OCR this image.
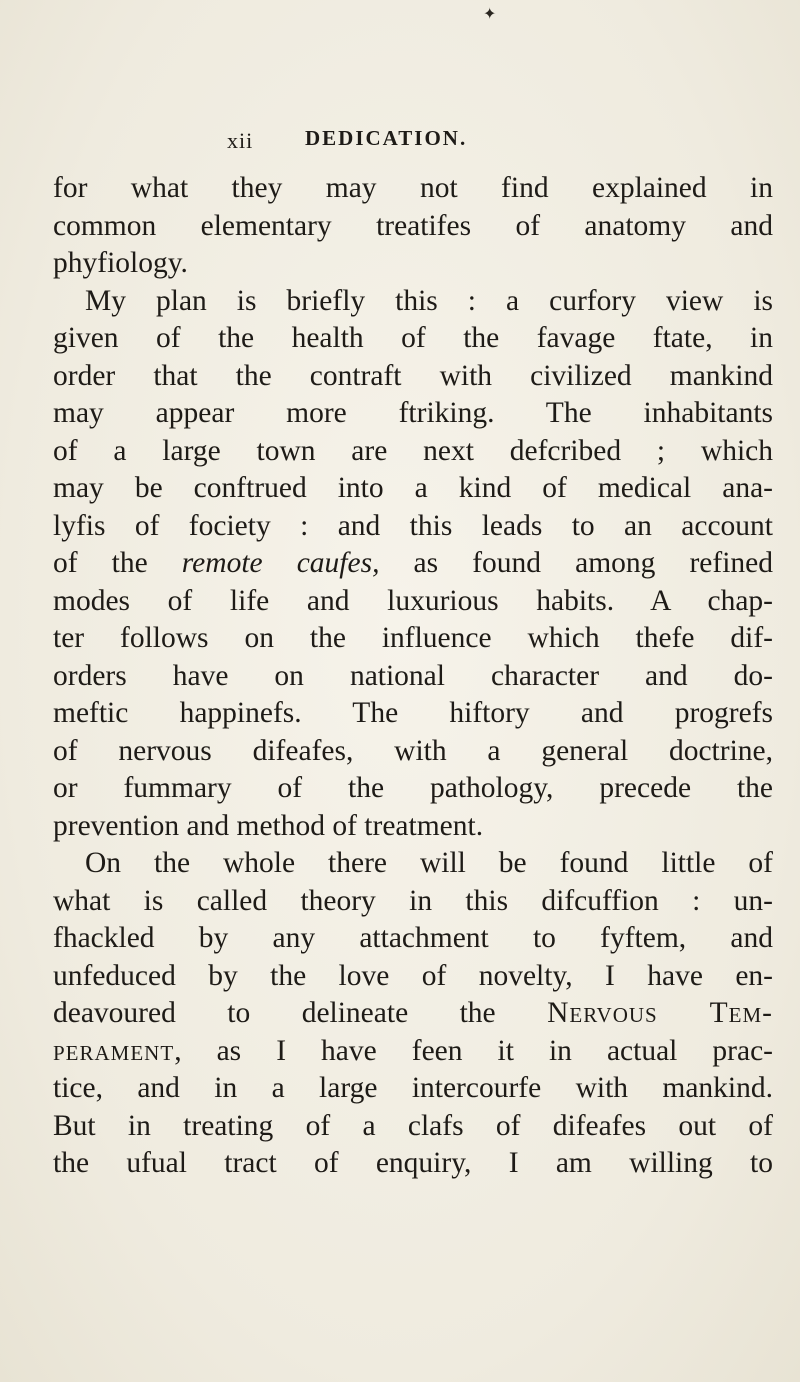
✦
xii DEDICATION.
for what they may not find explained in
common elementary treatifes of anatomy and
phyfiology.
My plan is briefly this : a curfory view is
given of the health of the favage ftate, in
order that the contraft with civilized mankind
may appear more ftriking. The inhabitants
of a large town are next defcribed ; which
may be conftrued into a kind of medical ana-
lyfis of fociety : and this leads to an account
of the remote caufes, as found among refined
modes of life and luxurious habits. A chap-
ter follows on the influence which thefe dif-
orders have on national character and do-
meftic happinefs. The hiftory and progrefs
of nervous difeafes, with a general doctrine,
or fummary of the pathology, precede the
prevention and method of treatment.
On the whole there will be found little of
what is called theory in this difcuffion : un-
fhackled by any attachment to fyftem, and
unfeduced by the love of novelty, I have en-
deavoured to delineate the Nervous Tem-
perament, as I have feen it in actual prac-
tice, and in a large intercourfe with mankind.
But in treating of a clafs of difeafes out of
the ufual tract of enquiry, I am willing to
